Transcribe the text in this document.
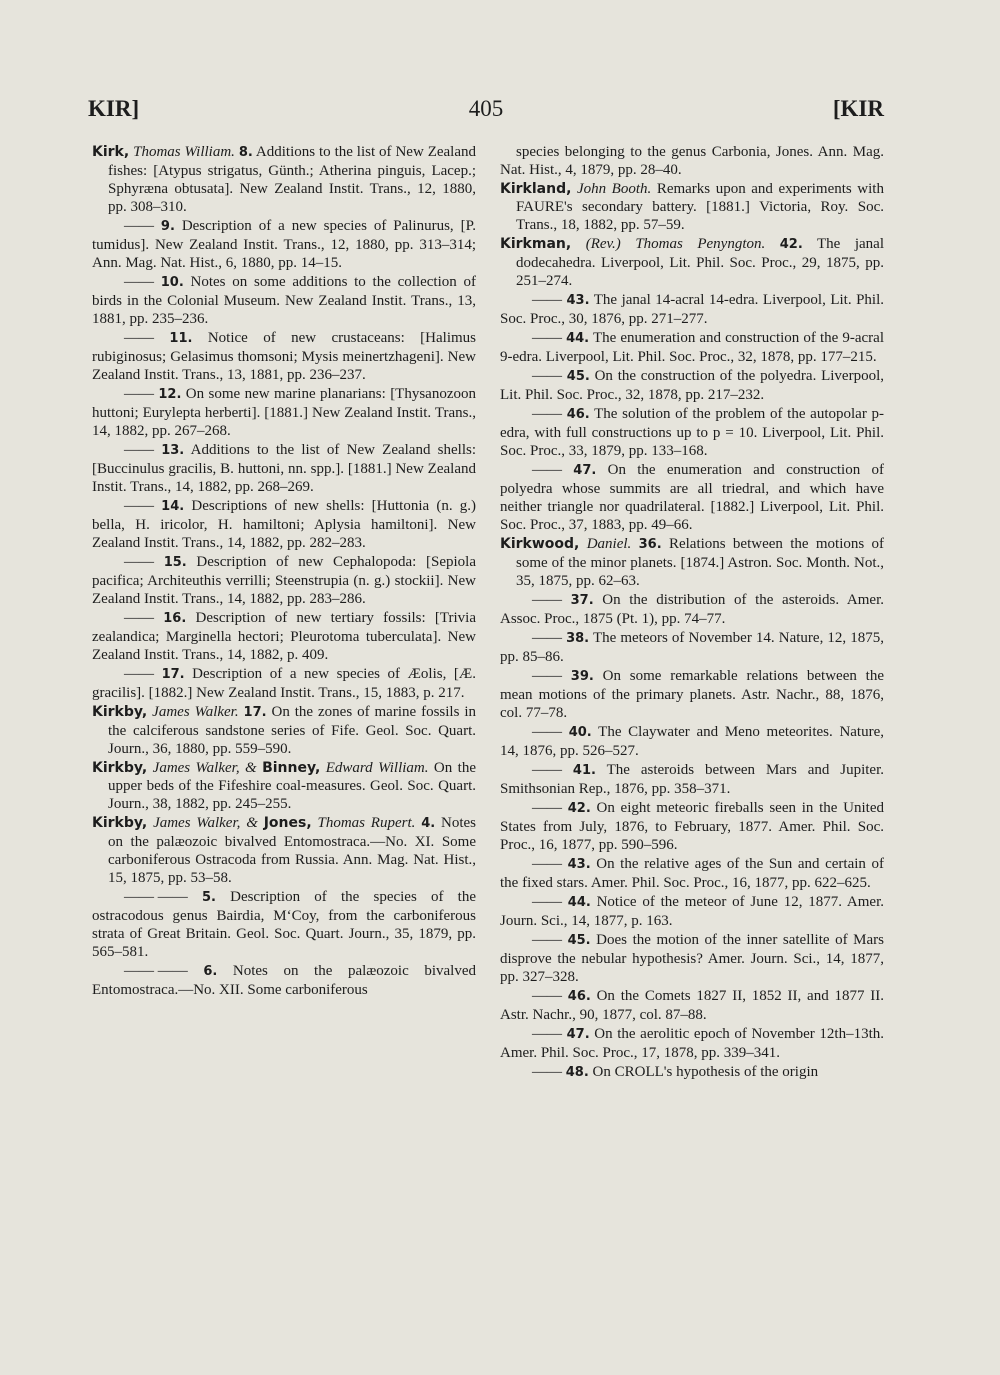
KIR]	405	[KIR

Kirk, Thomas William. 8. Additions to the list of New Zealand fishes: [Atypus strigatus, Günth.; Atherina pinguis, Lacep.; Sphyræna obtusata]. New Zealand Instit. Trans., 12, 1880, pp. 308–310.

—— 9. Description of a new species of Palinurus, [P. tumidus]. New Zealand Instit. Trans., 12, 1880, pp. 313–314; Ann. Mag. Nat. Hist., 6, 1880, pp. 14–15.

—— 10. Notes on some additions to the collection of birds in the Colonial Museum. New Zealand Instit. Trans., 13, 1881, pp. 235–236.

—— 11. Notice of new crustaceans: [Halimus rubiginosus; Gelasimus thomsoni; Mysis meinertzhageni]. New Zealand Instit. Trans., 13, 1881, pp. 236–237.

—— 12. On some new marine planarians: [Thysanozoon huttoni; Eurylepta herberti]. [1881.] New Zealand Instit. Trans., 14, 1882, pp. 267–268.

—— 13. Additions to the list of New Zealand shells: [Buccinulus gracilis, B. huttoni, nn. spp.]. [1881.] New Zealand Instit. Trans., 14, 1882, pp. 268–269.

—— 14. Descriptions of new shells: [Huttonia (n. g.) bella, H. iricolor, H. hamiltoni; Aplysia hamiltoni]. New Zealand Instit. Trans., 14, 1882, pp. 282–283.

—— 15. Description of new Cephalopoda: [Sepiola pacifica; Architeuthis verrilli; Steenstrupia (n. g.) stockii]. New Zealand Instit. Trans., 14, 1882, pp. 283–286.

—— 16. Description of new tertiary fossils: [Trivia zealandica; Marginella hectori; Pleurotoma tuberculata]. New Zealand Instit. Trans., 14, 1882, p. 409.

—— 17. Description of a new species of Æolis, [Æ. gracilis]. [1882.] New Zealand Instit. Trans., 15, 1883, p. 217.

Kirkby, James Walker. 17. On the zones of marine fossils in the calciferous sandstone series of Fife. Geol. Soc. Quart. Journ., 36, 1880, pp. 559–590.

Kirkby, James Walker, & Binney, Edward William. On the upper beds of the Fifeshire coal-measures. Geol. Soc. Quart. Journ., 38, 1882, pp. 245–255.

Kirkby, James Walker, & Jones, Thomas Rupert. 4. Notes on the palæozoic bivalved Entomostraca.—No. XI. Some carboniferous Ostracoda from Russia. Ann. Mag. Nat. Hist., 15, 1875, pp. 53–58.

—— —— 5. Description of the species of the ostracodous genus Bairdia, M‘Coy, from the carboniferous strata of Great Britain. Geol. Soc. Quart. Journ., 35, 1879, pp. 565–581.

—— —— 6. Notes on the palæozoic bivalved Entomostraca.—No. XII. Some carboniferous

species belonging to the genus Carbonia, Jones. Ann. Mag. Nat. Hist., 4, 1879, pp. 28–40.

Kirkland, John Booth. Remarks upon and experiments with FAURE's secondary battery. [1881.] Victoria, Roy. Soc. Trans., 18, 1882, pp. 57–59.

Kirkman, (Rev.) Thomas Penyngton. 42. The janal dodecahedra. Liverpool, Lit. Phil. Soc. Proc., 29, 1875, pp. 251–274.

—— 43. The janal 14-acral 14-edra. Liverpool, Lit. Phil. Soc. Proc., 30, 1876, pp. 271–277.

—— 44. The enumeration and construction of the 9-acral 9-edra. Liverpool, Lit. Phil. Soc. Proc., 32, 1878, pp. 177–215.

—— 45. On the construction of the polyedra. Liverpool, Lit. Phil. Soc. Proc., 32, 1878, pp. 217–232.

—— 46. The solution of the problem of the autopolar p-edra, with full constructions up to p = 10. Liverpool, Lit. Phil. Soc. Proc., 33, 1879, pp. 133–168.

—— 47. On the enumeration and construction of polyedra whose summits are all triedral, and which have neither triangle nor quadrilateral. [1882.] Liverpool, Lit. Phil. Soc. Proc., 37, 1883, pp. 49–66.

Kirkwood, Daniel. 36. Relations between the motions of some of the minor planets. [1874.] Astron. Soc. Month. Not., 35, 1875, pp. 62–63.

—— 37. On the distribution of the asteroids. Amer. Assoc. Proc., 1875 (Pt. 1), pp. 74–77.

—— 38. The meteors of November 14. Nature, 12, 1875, pp. 85–86.

—— 39. On some remarkable relations between the mean motions of the primary planets. Astr. Nachr., 88, 1876, col. 77–78.

—— 40. The Claywater and Meno meteorites. Nature, 14, 1876, pp. 526–527.

—— 41. The asteroids between Mars and Jupiter. Smithsonian Rep., 1876, pp. 358–371.

—— 42. On eight meteoric fireballs seen in the United States from July, 1876, to February, 1877. Amer. Phil. Soc. Proc., 16, 1877, pp. 590–596.

—— 43. On the relative ages of the Sun and certain of the fixed stars. Amer. Phil. Soc. Proc., 16, 1877, pp. 622–625.

—— 44. Notice of the meteor of June 12, 1877. Amer. Journ. Sci., 14, 1877, p. 163.

—— 45. Does the motion of the inner satellite of Mars disprove the nebular hypothesis? Amer. Journ. Sci., 14, 1877, pp. 327–328.

—— 46. On the Comets 1827 II, 1852 II, and 1877 II. Astr. Nachr., 90, 1877, col. 87–88.

—— 47. On the aerolitic epoch of November 12th–13th. Amer. Phil. Soc. Proc., 17, 1878, pp. 339–341.

—— 48. On CROLL's hypothesis of the origin
